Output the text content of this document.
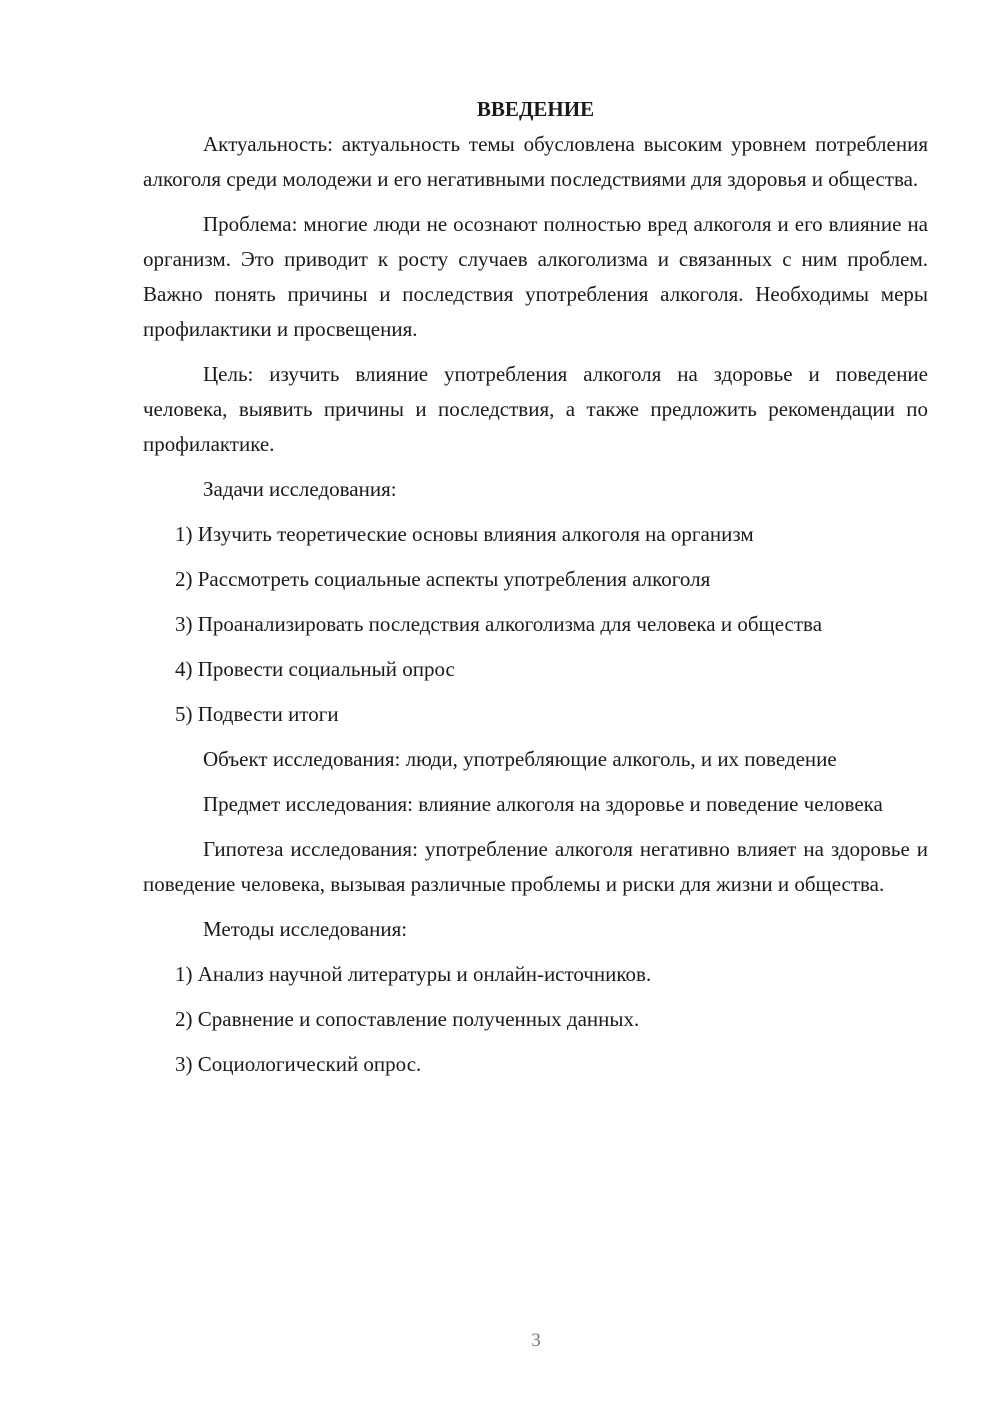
ВВЕДЕНИЕ

Актуальность: актуальность темы обусловлена высоким уровнем потребления алкоголя среди молодежи и его негативными последствиями для здоровья и общества.

Проблема: многие люди не осознают полностью вред алкоголя и его влияние на организм. Это приводит к росту случаев алкоголизма и связанных с ним проблем. Важно понять причины и последствия употребления алкоголя. Необходимы меры профилактики и просвещения.

Цель: изучить влияние употребления алкоголя на здоровье и поведение человека, выявить причины и последствия, а также предложить рекомендации по профилактике.

Задачи исследования:

1) Изучить теоретические основы влияния алкоголя на организм

2) Рассмотреть социальные аспекты употребления алкоголя

3) Проанализировать последствия алкоголизма для человека и общества

4) Провести социальный опрос

5) Подвести итоги

Объект исследования: люди, употребляющие алкоголь, и их поведение

Предмет исследования: влияние алкоголя на здоровье и поведение человека

Гипотеза исследования: употребление алкоголя негативно влияет на здоровье и поведение человека, вызывая различные проблемы и риски для жизни и общества.

Методы исследования:

1) Анализ научной литературы и онлайн-источников.

2) Сравнение и сопоставление полученных данных.

3) Социологический опрос.

3
